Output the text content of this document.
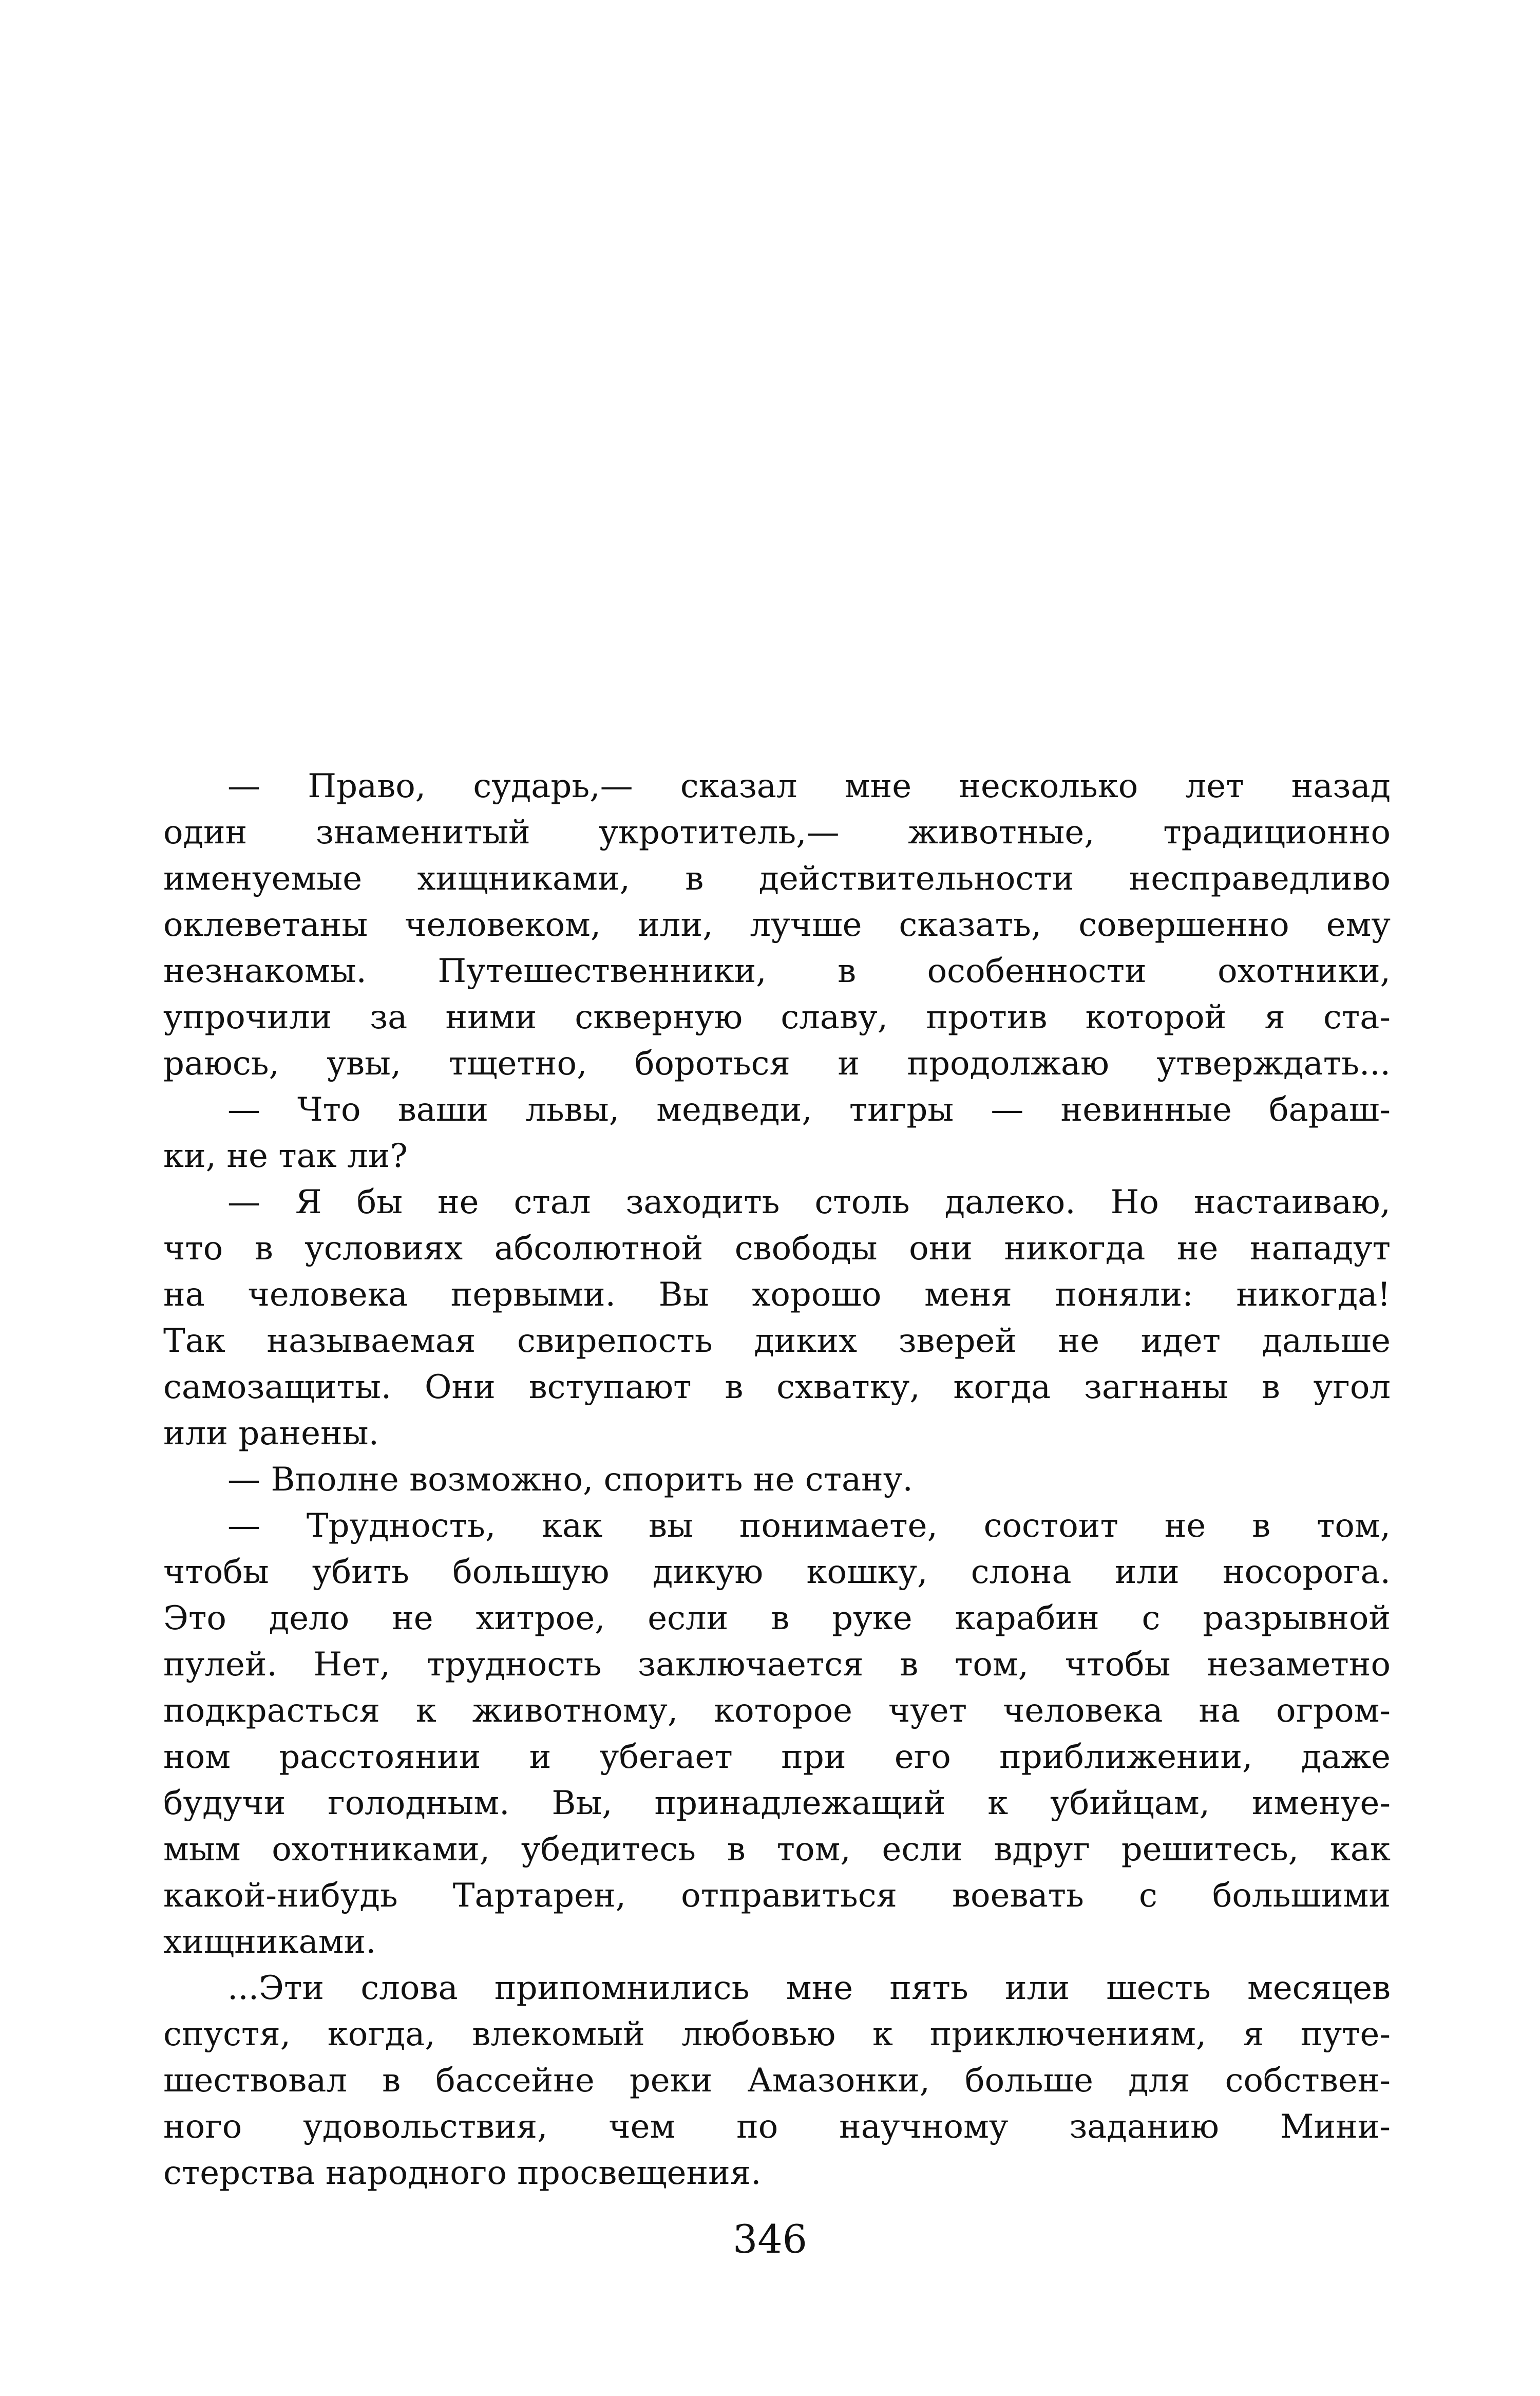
— Право, сударь,— сказал мне несколько лет назад
один знаменитый укротитель,— животные, традиционно
именуемые хищниками, в действительности несправедливо
оклеветаны человеком, или, лучше сказать, совершенно ему
незнакомы. Путешественники, в особенности охотники,
упрочили за ними скверную славу, против которой я ста-
раюсь, увы, тщетно, бороться и продолжаю утверждать...
— Что ваши львы, медведи, тигры — невинные бараш-
ки, не так ли?
— Я бы не стал заходить столь далеко. Но настаиваю,
что в условиях абсолютной свободы они никогда не нападут
на человека первыми. Вы хорошо меня поняли: никогда!
Так называемая свирепость диких зверей не идет дальше
самозащиты. Они вступают в схватку, когда загнаны в угол
или ранены.
— Вполне возможно, спорить не стану.
— Трудность, как вы понимаете, состоит не в том,
чтобы убить большую дикую кошку, слона или носорога.
Это дело не хитрое, если в руке карабин с разрывной
пулей. Нет, трудность заключается в том, чтобы незаметно
подкрасться к животному, которое чует человека на огром-
ном расстоянии и убегает при его приближении, даже
будучи голодным. Вы, принадлежащий к убийцам, именуе-
мым охотниками, убедитесь в том, если вдруг решитесь, как
какой-нибудь Тартарен, отправиться воевать с большими
хищниками.
...Эти слова припомнились мне пять или шесть месяцев
спустя, когда, влекомый любовью к приключениям, я путе-
шествовал в бассейне реки Амазонки, больше для собствен-
ного удовольствия, чем по научному заданию Мини-
стерства народного просвещения.
346
